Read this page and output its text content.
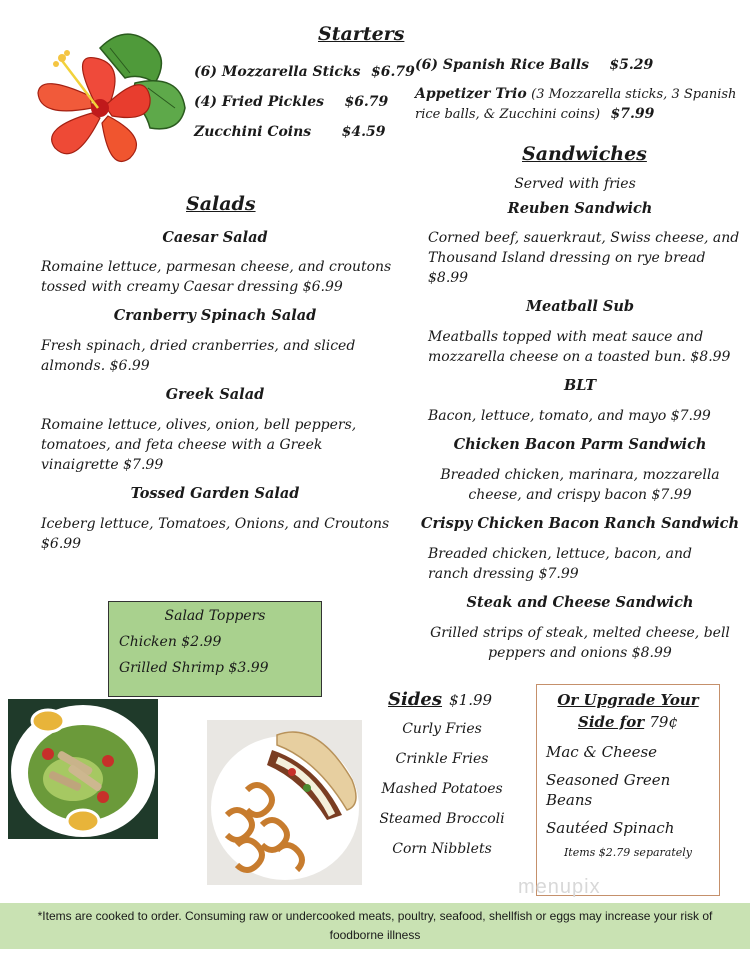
Starters
(6) Mozzarella Sticks $6.79
(4) Fried Pickles $6.79
Zucchini Coins $4.59
(6) Spanish Rice Balls $5.29
Appetizer Trio (3 Mozzarella sticks, 3 Spanish
rice balls, & Zucchini coins) $7.99
Salads
Caesar Salad
Romaine lettuce, parmesan cheese, and croutons
tossed with creamy Caesar dressing $6.99
Cranberry Spinach Salad
Fresh spinach, dried cranberries, and sliced
almonds. $6.99
Greek Salad
Romaine lettuce, olives, onion, bell peppers,
tomatoes, and feta cheese with a Greek
vinaigrette $7.99
Tossed Garden Salad
Iceberg lettuce, Tomatoes, Onions, and Croutons
$6.99
Salad Toppers
Chicken $2.99
Grilled Shrimp $3.99
Sandwiches
Served with fries
Reuben Sandwich
Corned beef, sauerkraut, Swiss cheese, and
Thousand Island dressing on rye bread
$8.99
Meatball Sub
Meatballs topped with meat sauce and
mozzarella cheese on a toasted bun. $8.99
BLT
Bacon, lettuce, tomato, and mayo $7.99
Chicken Bacon Parm Sandwich
Breaded chicken, marinara, mozzarella
cheese, and crispy bacon $7.99
Crispy Chicken Bacon Ranch Sandwich
Breaded chicken, lettuce, bacon, and
ranch dressing $7.99
Steak and Cheese Sandwich
Grilled strips of steak, melted cheese, bell
peppers and onions $8.99
Sides $1.99
Curly Fries
Crinkle Fries
Mashed Potatoes
Steamed Broccoli
Corn Nibblets
Or Upgrade Your
Side for 79¢
Mac & Cheese
Seasoned Green
Beans
Sautéed Spinach
Items $2.79 separately
menupix
*Items are cooked to order. Consuming raw or undercooked meats, poultry, seafood, shellfish or eggs may increase your risk of
foodborne illness
